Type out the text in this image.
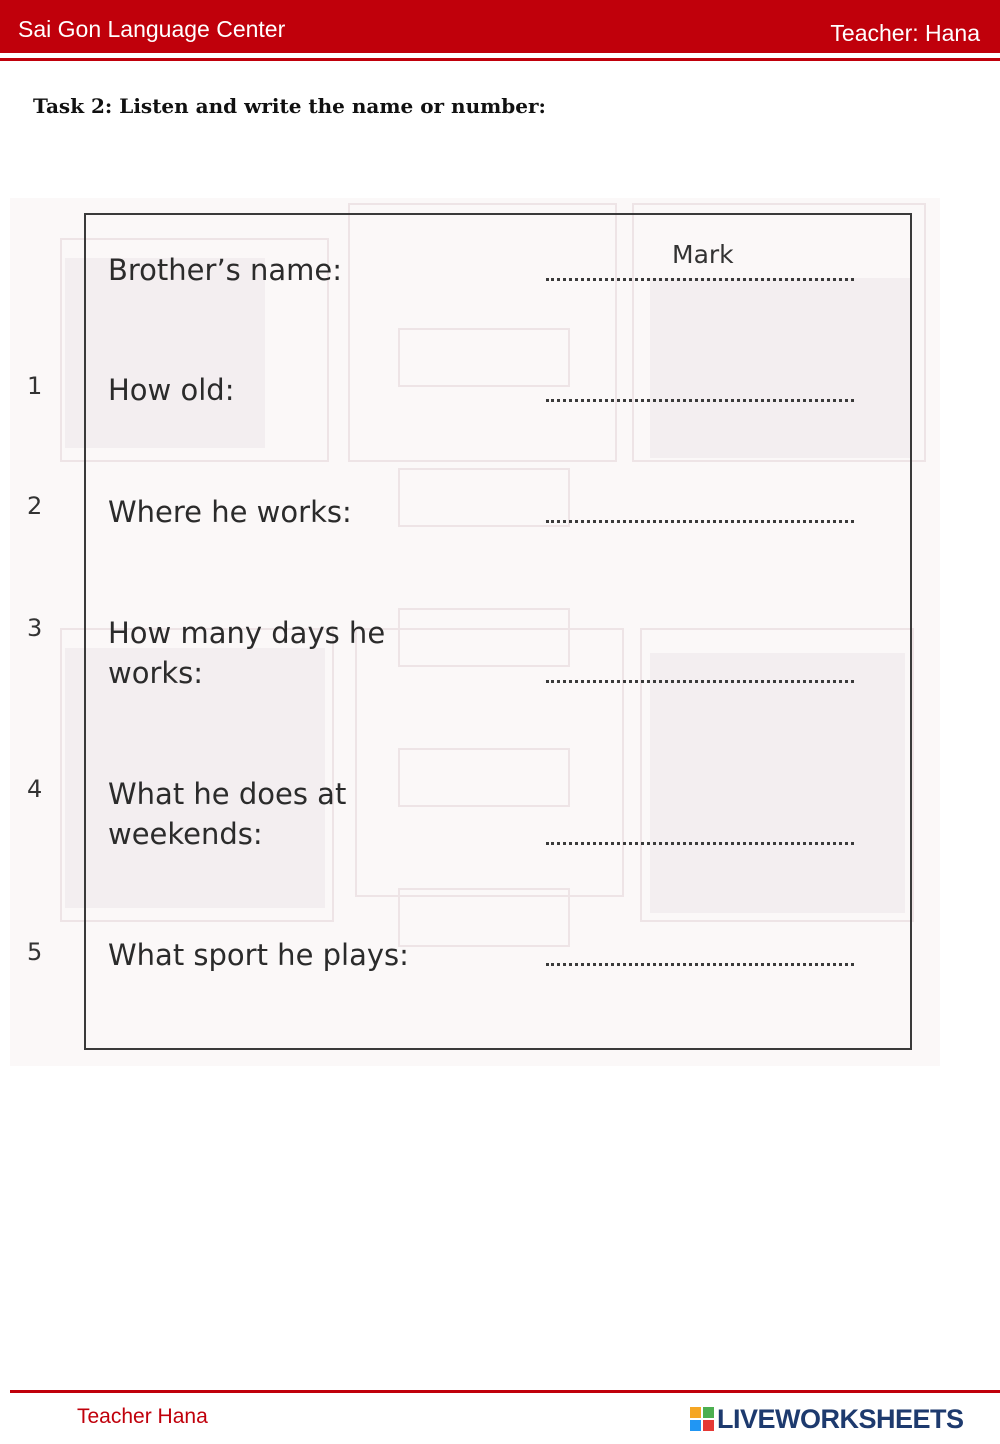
Sai Gon Language Center	Teacher: Hana
Task 2: Listen and write the name or number:
Brother’s name:	Mark
1 How old:
2 Where he works:
3 How many days he works:
4 What he does at weekends:
5 What sport he plays:
Teacher Hana	LIVEWORKSHEETS
